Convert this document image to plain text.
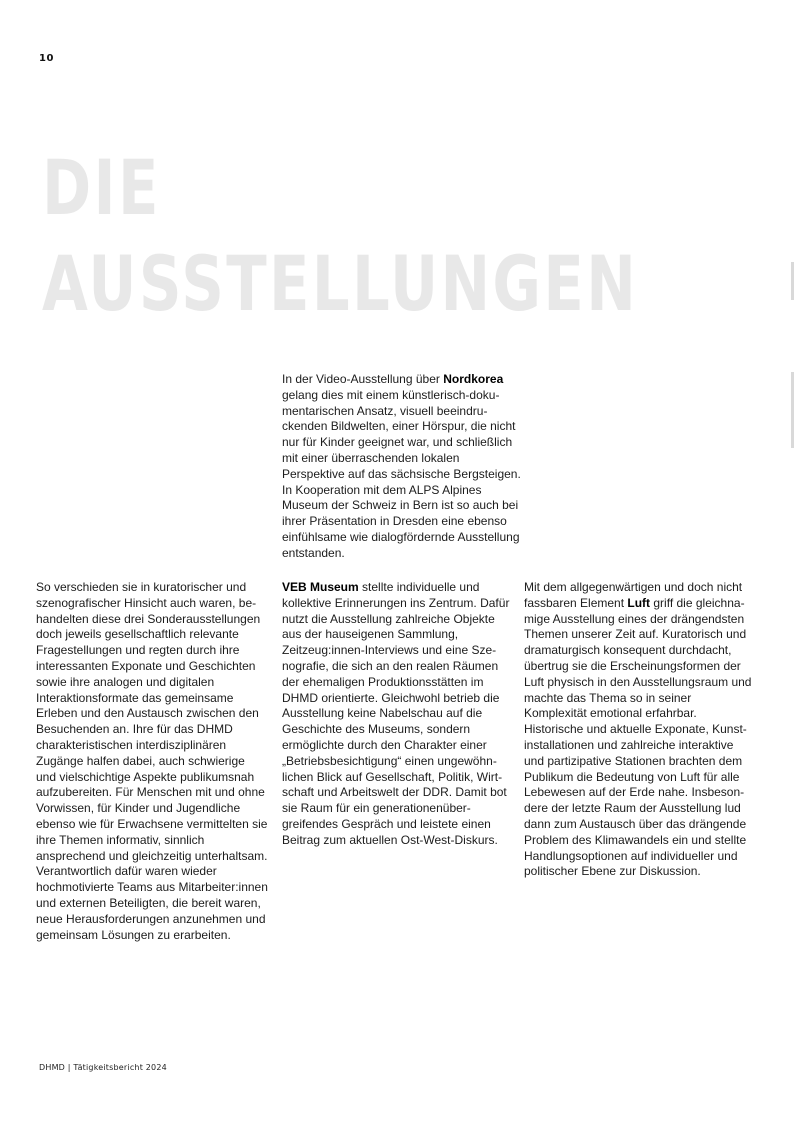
10
DIE
AUSSTELLUNGEN

In der Video-Ausstellung über Nordkorea gelang dies mit einem künstlerisch-dokumentarischen Ansatz, visuell beeindruckenden Bildwelten, einer Hörspur, die nicht nur für Kinder geeignet war, und schließlich mit einer überraschenden lokalen Perspektive auf das sächsische Bergsteigen. In Kooperation mit dem ALPS Alpines Museum der Schweiz in Bern ist so auch bei ihrer Präsentation in Dresden eine ebenso einfühlsame wie dialogfördernde Ausstellung entstanden.

So verschieden sie in kuratorischer und szenografischer Hinsicht auch waren, behandelten diese drei Sonderausstellungen doch jeweils gesellschaftlich relevante Fragestellungen und regten durch ihre interessanten Exponate und Geschichten sowie ihre analogen und digitalen Interaktionsformate das gemeinsame Erleben und den Austausch zwischen den Besuchenden an. Ihre für das DHMD charakteristischen interdisziplinären Zugänge halfen dabei, auch schwierige und vielschichtige Aspekte publikumsnah aufzubereiten. Für Menschen mit und ohne Vorwissen, für Kinder und Jugendliche ebenso wie für Erwachsene vermittelten sie ihre Themen informativ, sinnlich ansprechend und gleichzeitig unterhaltsam. Verantwortlich dafür waren wieder hochmotivierte Teams aus Mitarbeiter:innen und externen Beteiligten, die bereit waren, neue Herausforderungen anzunehmen und gemeinsam Lösungen zu erarbeiten.

VEB Museum stellte individuelle und kollektive Erinnerungen ins Zentrum. Dafür nutzt die Ausstellung zahlreiche Objekte aus der hauseigenen Sammlung, Zeitzeug:innen-Interviews und eine Szenografie, die sich an den realen Räumen der ehemaligen Produktionsstätten im DHMD orientierte. Gleichwohl betrieb die Ausstellung keine Nabelschau auf die Geschichte des Museums, sondern ermöglichte durch den Charakter einer „Betriebsbesichtigung“ einen ungewöhnlichen Blick auf Gesellschaft, Politik, Wirtschaft und Arbeitswelt der DDR. Damit bot sie Raum für ein generationenübergreifendes Gespräch und leistete einen Beitrag zum aktuellen Ost-West-Diskurs.

Mit dem allgegenwärtigen und doch nicht fassbaren Element Luft griff die gleichnamige Ausstellung eines der drängendsten Themen unserer Zeit auf. Kuratorisch und dramaturgisch konsequent durchdacht, übertrug sie die Erscheinungsformen der Luft physisch in den Ausstellungsraum und machte das Thema so in seiner Komplexität emotional erfahrbar. Historische und aktuelle Exponate, Kunstinstallationen und zahlreiche interaktive und partizipative Stationen brachten dem Publikum die Bedeutung von Luft für alle Lebewesen auf der Erde nahe. Insbesondere der letzte Raum der Ausstellung lud dann zum Austausch über das drängende Problem des Klimawandels ein und stellte Handlungsoptionen auf individueller und politischer Ebene zur Diskussion.

DHMD | Tätigkeitsbericht 2024
